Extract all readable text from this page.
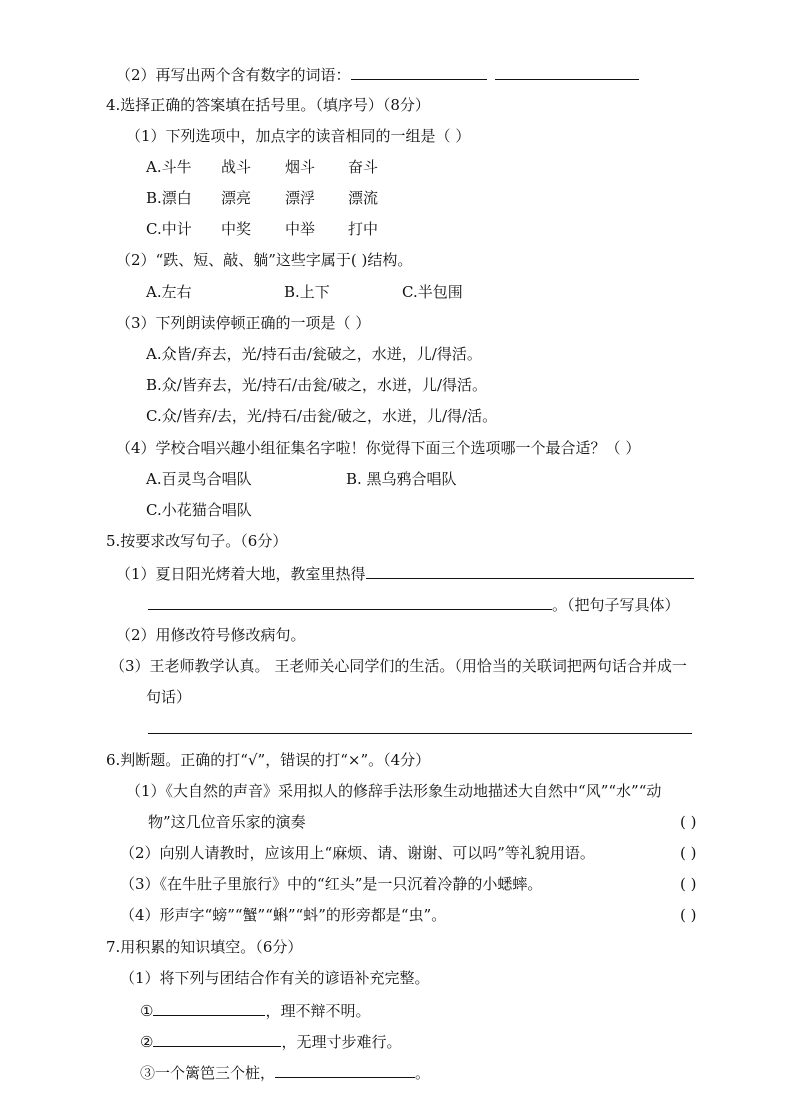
（2）再写出两个含有数字的词语：
4.选择正确的答案填在括号里。（填序号）（8分）
（1）下列选项中，加点字的读音相同的一组是（ ）
A.斗牛 战斗 烟斗 奋斗
B.漂白 漂亮 漂浮 漂流
C.中计 中奖 中举 打中
（2）“跌、短、敲、躺”这些字属于( )结构。
A.左右	B.上下	C.半包围
（3）下列朗读停顿正确的一项是（ ）
A.众皆/弃去，光/持石击/瓮破之，水迸，儿/得活。
B.众/皆弃去，光/持石/击瓮/破之，水迸，儿/得活。
C.众/皆弃/去，光/持石/击瓮/破之，水迸，儿/得/活。
（4）学校合唱兴趣小组征集名字啦！你觉得下面三个选项哪一个最合适？（ ）
A.百灵鸟合唱队	B. 黑乌鸦合唱队
C.小花猫合唱队
5.按要求改写句子。（6分）
（1）夏日阳光烤着大地，教室里热得
。（把句子写具体）
（2）用修改符号修改病句。
（3）王老师教学认真。 王老师关心同学们的生活。（用恰当的关联词把两句话合并成一
句话）
6.判断题。正确的打“√”，错误的打“×”。（4分）
（1）《大自然的声音》采用拟人的修辞手法形象生动地描述大自然中“风”“水”“动
物”这几位音乐家的演奏	( )
（2）向别人请教时，应该用上“麻烦、请、谢谢、可以吗”等礼貌用语。	( )
（3）《在牛肚子里旅行》中的“红头”是一只沉着冷静的小蟋蟀。	( )
（4）形声字“螃”“蟹”“蝌”“蚪”的形旁都是“虫”。	( )
7.用积累的知识填空。（6分）
（1）将下列与团结合作有关的谚语补充完整。
①	，理不辩不明。
②	，无理寸步难行。
③一个篱笆三个桩，	。
